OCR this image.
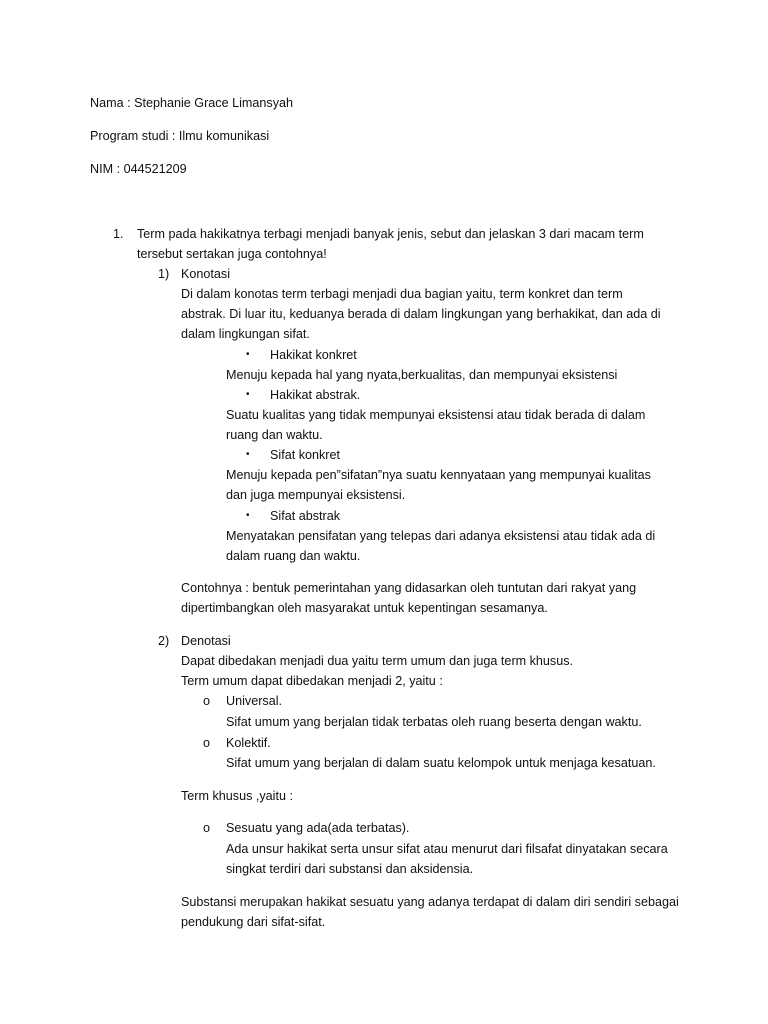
Nama : Stephanie Grace Limansyah

Program studi : Ilmu komunikasi

NIM : 044521209

1. Term pada hakikatnya terbagi menjadi banyak jenis, sebut dan jelaskan 3 dari macam term

tersebut sertakan juga contohnya!

1) Konotasi

Di dalam konotas term terbagi menjadi dua bagian yaitu, term konkret dan term

abstrak. Di luar itu, keduanya berada di dalam lingkungan yang berhakikat, dan ada di

dalam lingkungan sifat.

• Hakikat konkret

Menuju kepada hal yang nyata,berkualitas, dan mempunyai eksistensi

• Hakikat abstrak.

Suatu kualitas yang tidak mempunyai eksistensi atau tidak berada di dalam

ruang dan waktu.

• Sifat konkret

Menuju kepada pen”sifatan”nya suatu kennyataan yang mempunyai kualitas

dan juga mempunyai eksistensi.

• Sifat abstrak

Menyatakan pensifatan yang telepas dari adanya eksistensi atau tidak ada di

dalam ruang dan waktu.

Contohnya : bentuk pemerintahan yang didasarkan oleh tuntutan dari rakyat yang

dipertimbangkan oleh masyarakat untuk kepentingan sesamanya.

2) Denotasi

Dapat dibedakan menjadi dua yaitu term umum dan juga term khusus.

Term umum dapat dibedakan menjadi 2, yaitu :

o Universal.

Sifat umum yang berjalan tidak terbatas oleh ruang beserta dengan waktu.

o Kolektif.

Sifat umum yang berjalan di dalam suatu kelompok untuk menjaga kesatuan.

Term khusus ,yaitu :

o Sesuatu yang ada(ada terbatas).

Ada unsur hakikat serta unsur sifat atau menurut dari filsafat dinyatakan secara

singkat terdiri dari substansi dan aksidensia.

Substansi merupakan hakikat sesuatu yang adanya terdapat di dalam diri sendiri sebagai

pendukung dari sifat-sifat.
